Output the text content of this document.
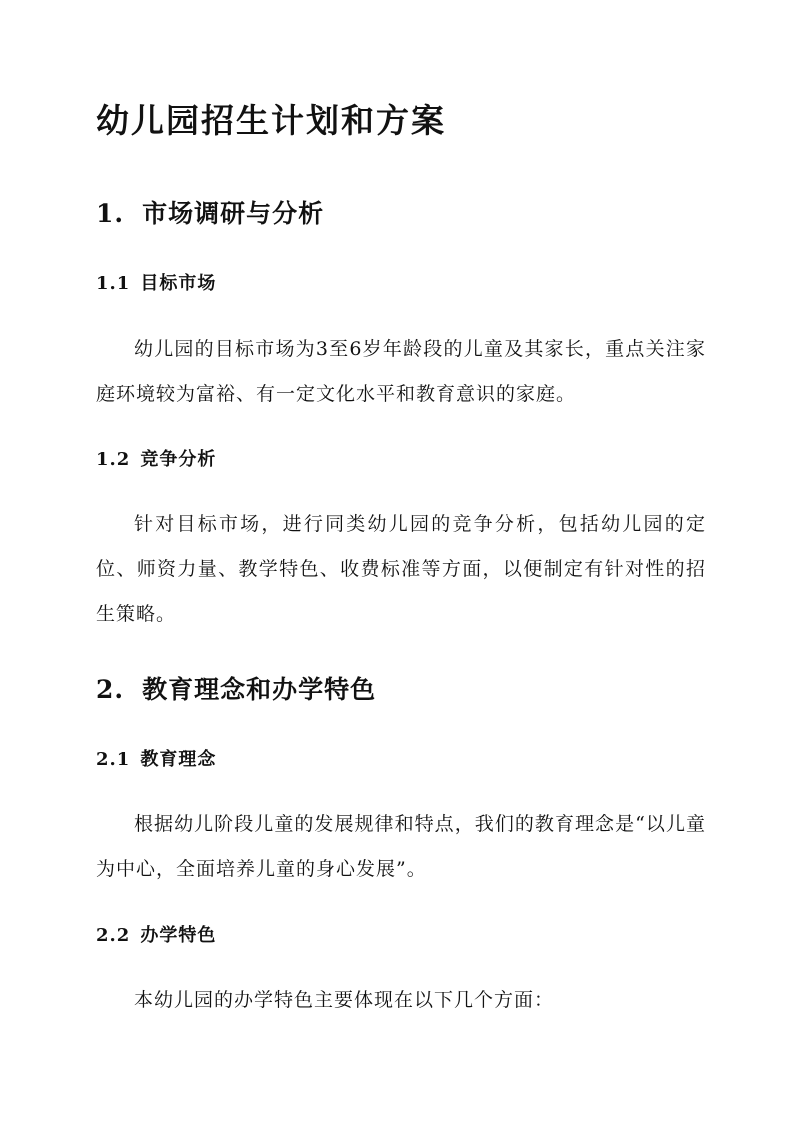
幼儿园招生计划和方案
1. 市场调研与分析
1.1 目标市场

幼儿园的目标市场为3至6岁年龄段的儿童及其家长，重点关注家庭环境较为富裕、有一定文化水平和教育意识的家庭。

1.2 竞争分析

针对目标市场，进行同类幼儿园的竞争分析，包括幼儿园的定位、师资力量、教学特色、收费标准等方面，以便制定有针对性的招生策略。

2. 教育理念和办学特色
2.1 教育理念

根据幼儿阶段儿童的发展规律和特点，我们的教育理念是“以儿童为中心，全面培养儿童的身心发展”。

2.2 办学特色

本幼儿园的办学特色主要体现在以下几个方面：
